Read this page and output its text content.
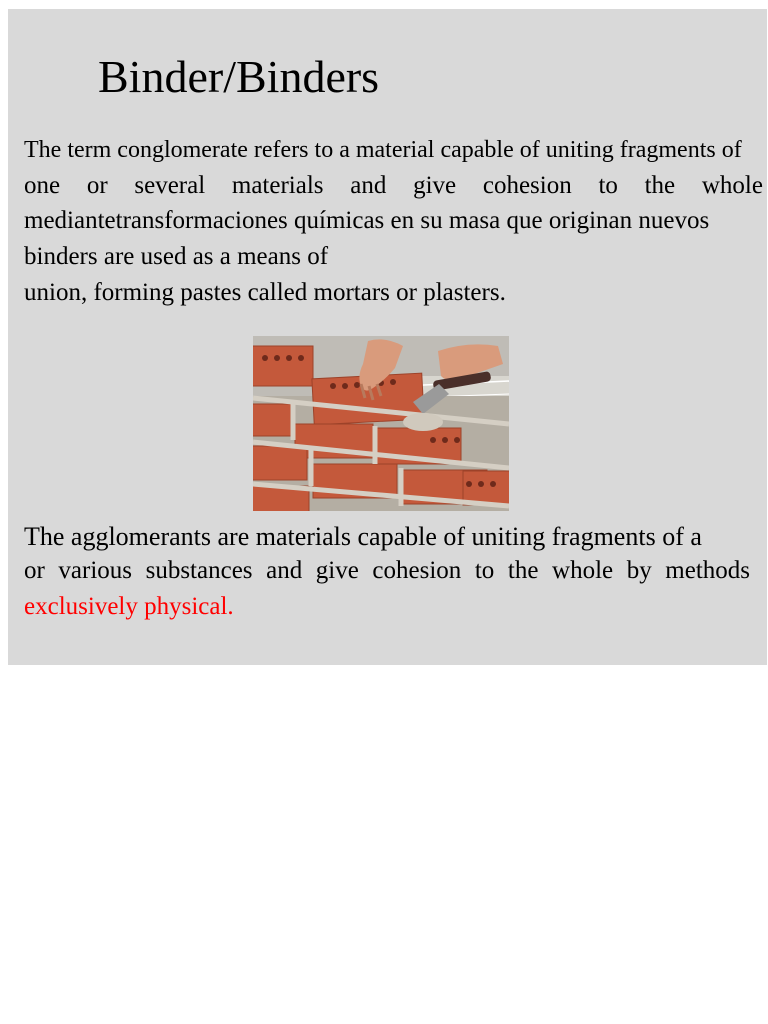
Binder/Binders
The term conglomerate refers to a material capable of uniting fragments of
one or several materials and give cohesion to the whole
mediantetransformaciones químicas en su masa que originan nuevos
binders are used as a means of
union, forming pastes called mortars or plasters.
The agglomerants are materials capable of uniting fragments of a
or various substances and give cohesion to the whole by methods
exclusively physical.
